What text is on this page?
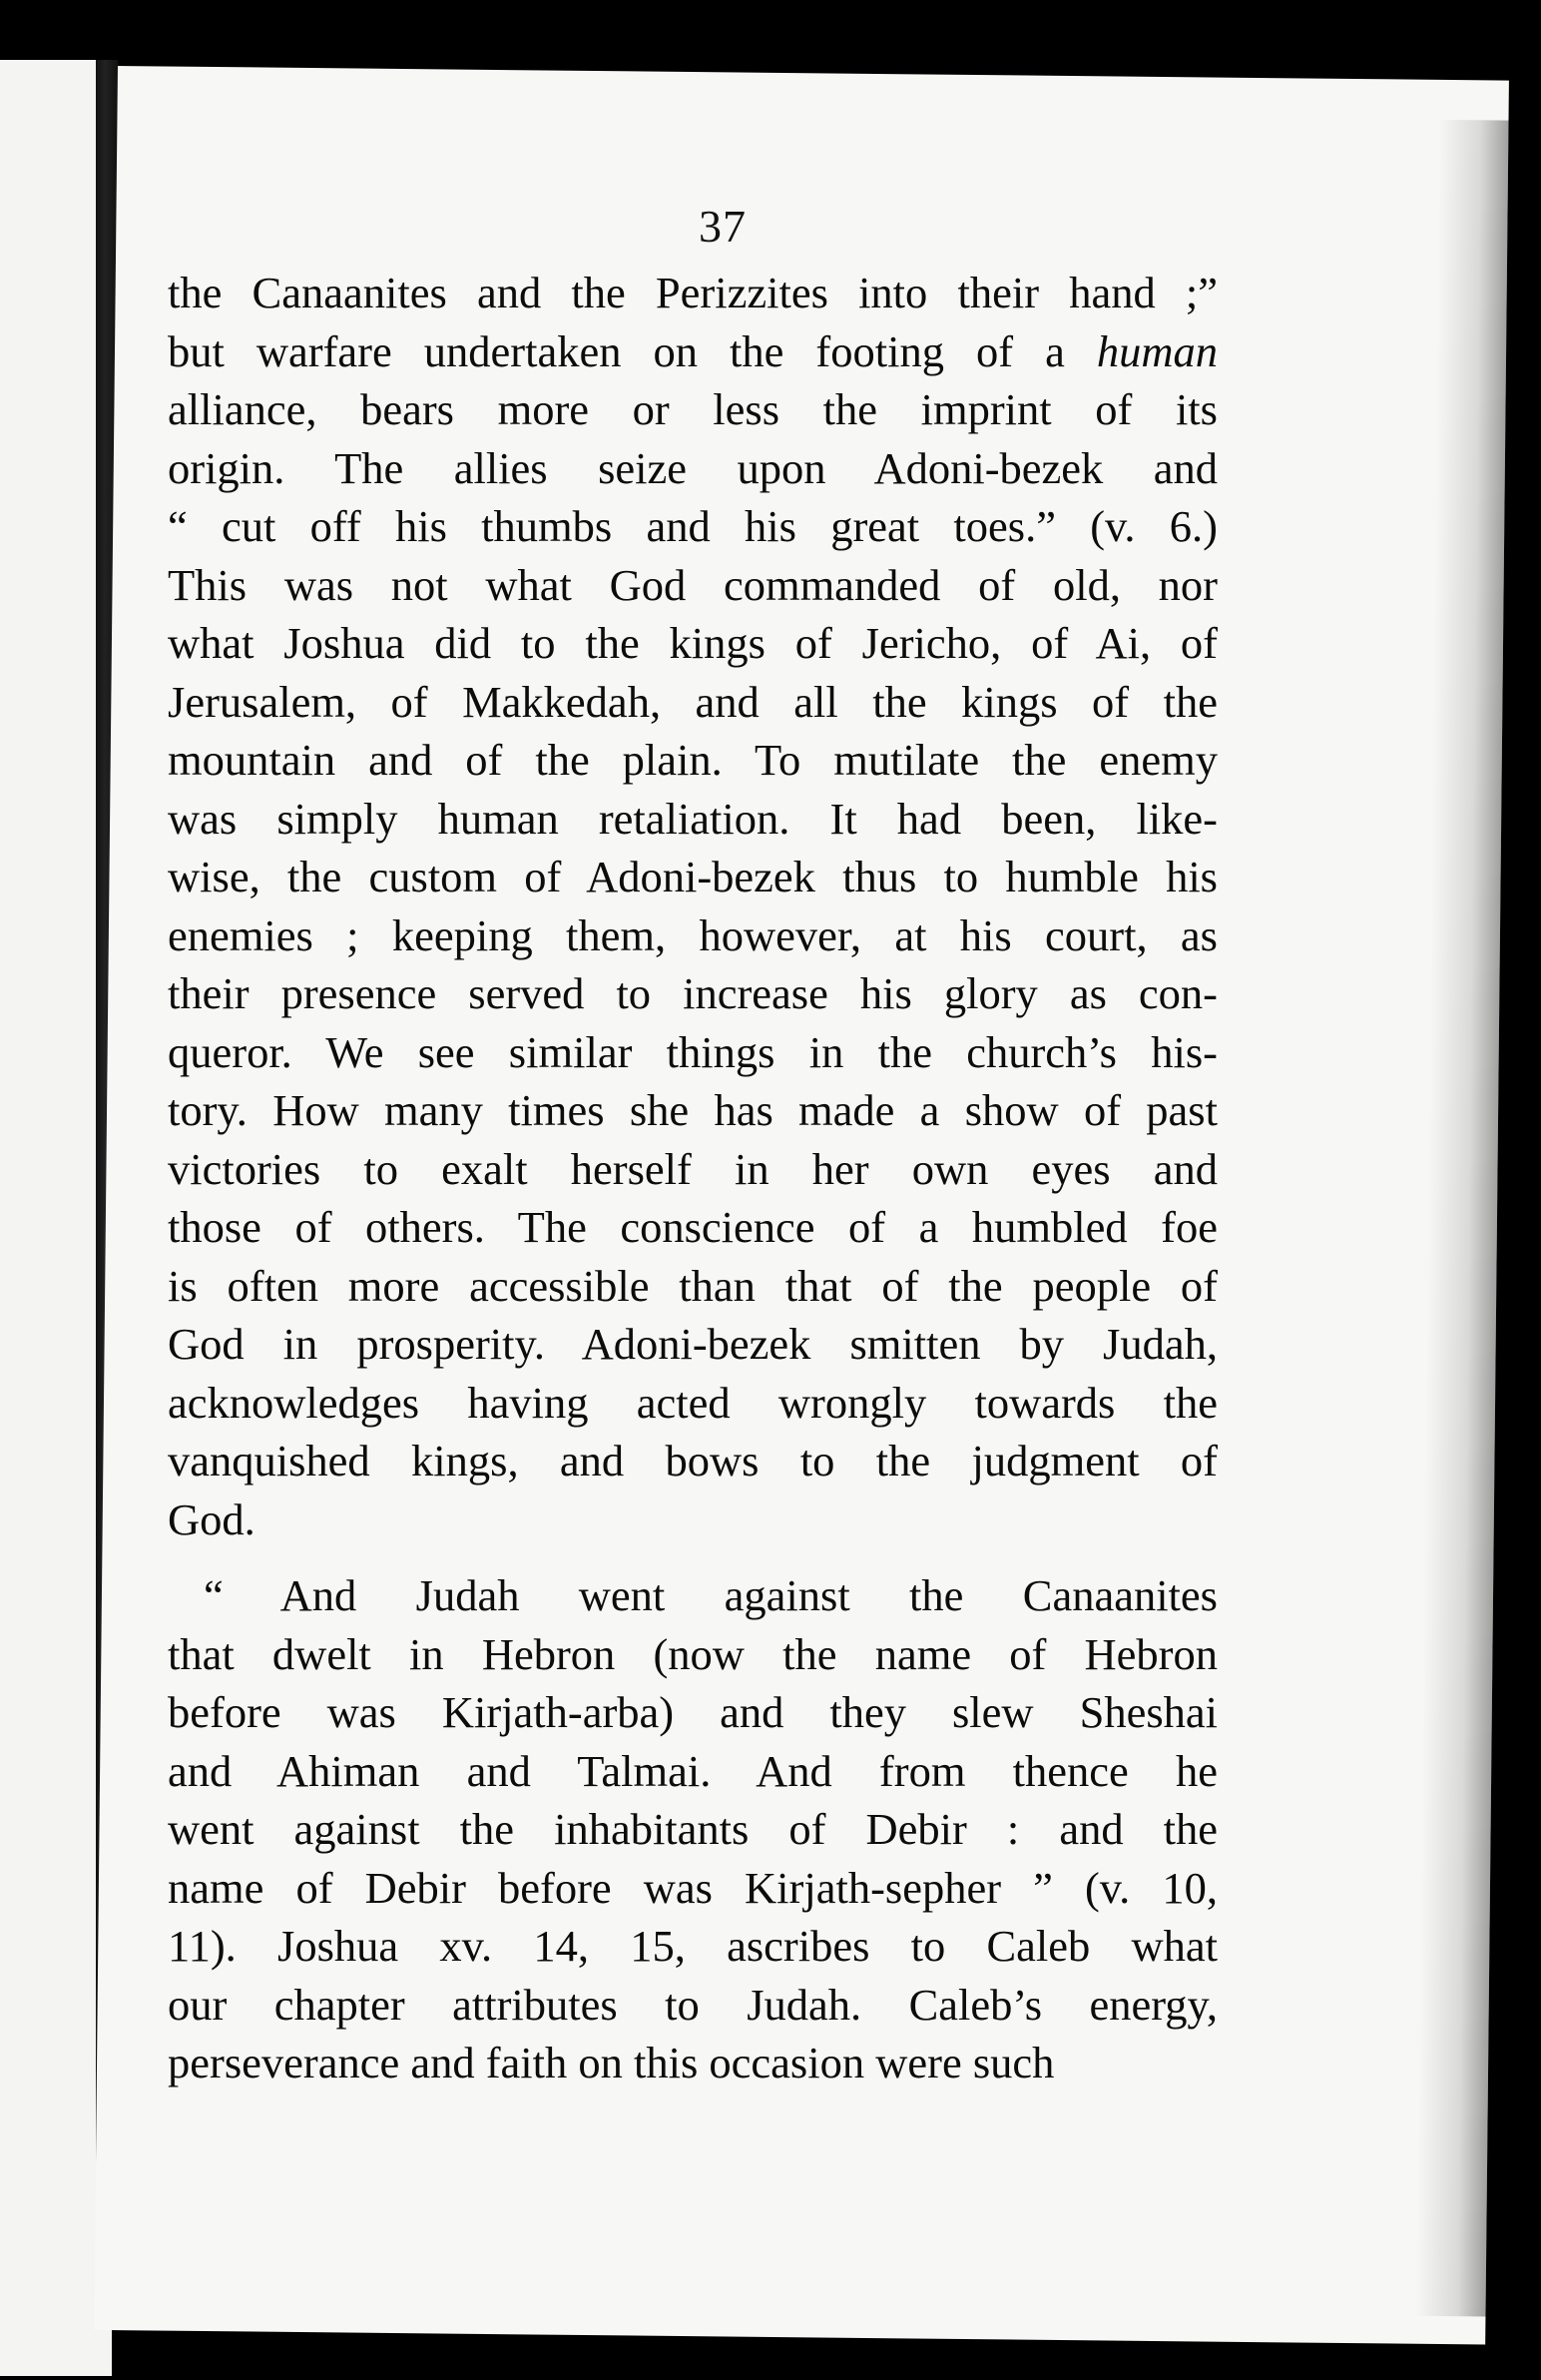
37
the Canaanites and the Perizzites into their hand ;”
but warfare undertaken on the footing of a human
alliance, bears more or less the imprint of its
origin. The allies seize upon Adoni-bezek and
“ cut off his thumbs and his great toes.” (v. 6.)
This was not what God commanded of old, nor
what Joshua did to the kings of Jericho, of Ai, of
Jerusalem, of Makkedah, and all the kings of the
mountain and of the plain. To mutilate the enemy
was simply human retaliation. It had been, like-
wise, the custom of Adoni-bezek thus to humble his
enemies ; keeping them, however, at his court, as
their presence served to increase his glory as con-
queror. We see similar things in the church’s his-
tory. How many times she has made a show of past
victories to exalt herself in her own eyes and
those of others. The conscience of a humbled foe
is often more accessible than that of the people of
God in prosperity. Adoni-bezek smitten by Judah,
acknowledges having acted wrongly towards the
vanquished kings, and bows to the judgment of
God.
“ And Judah went against the Canaanites
that dwelt in Hebron (now the name of Hebron
before was Kirjath-arba) and they slew Sheshai
and Ahiman and Talmai. And from thence he
went against the inhabitants of Debir : and the
name of Debir before was Kirjath-sepher ” (v. 10,
11). Joshua xv. 14, 15, ascribes to Caleb what
our chapter attributes to Judah. Caleb’s energy,
perseverance and faith on this occasion were such
